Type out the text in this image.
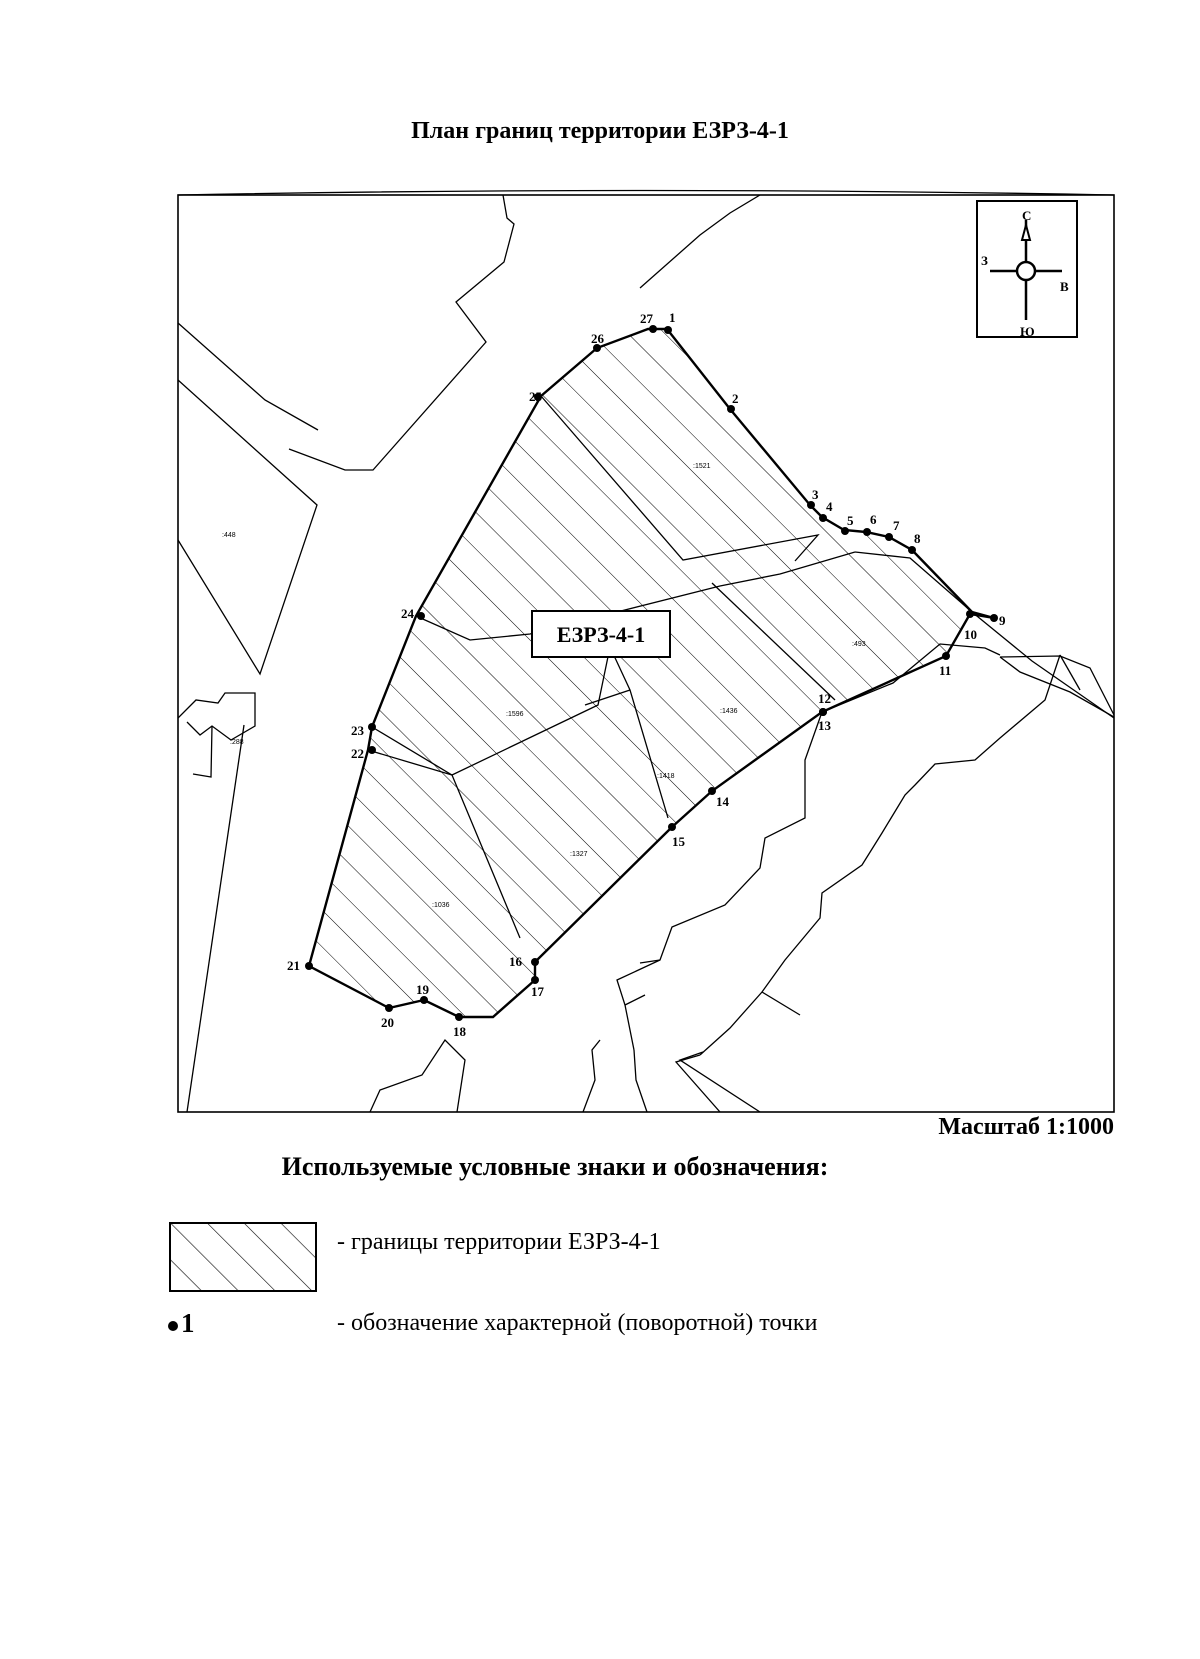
План границ территории ЕЗРЗ-4-1
С
З
В
Ю
ЕЗРЗ-4-1
:448
:288
:1521
:493
:1436
:1596
:1418
:1327
:1036
1
2
3
4
5 6 7
8
9
10
11
12
13
14
15
16
17
18
19
20
21
22
23
24
25
26
27
Масштаб 1:1000
Используемые условные знаки и обозначения:
- границы территории ЕЗРЗ-4-1
1	- обозначение характерной (поворотной) точки
